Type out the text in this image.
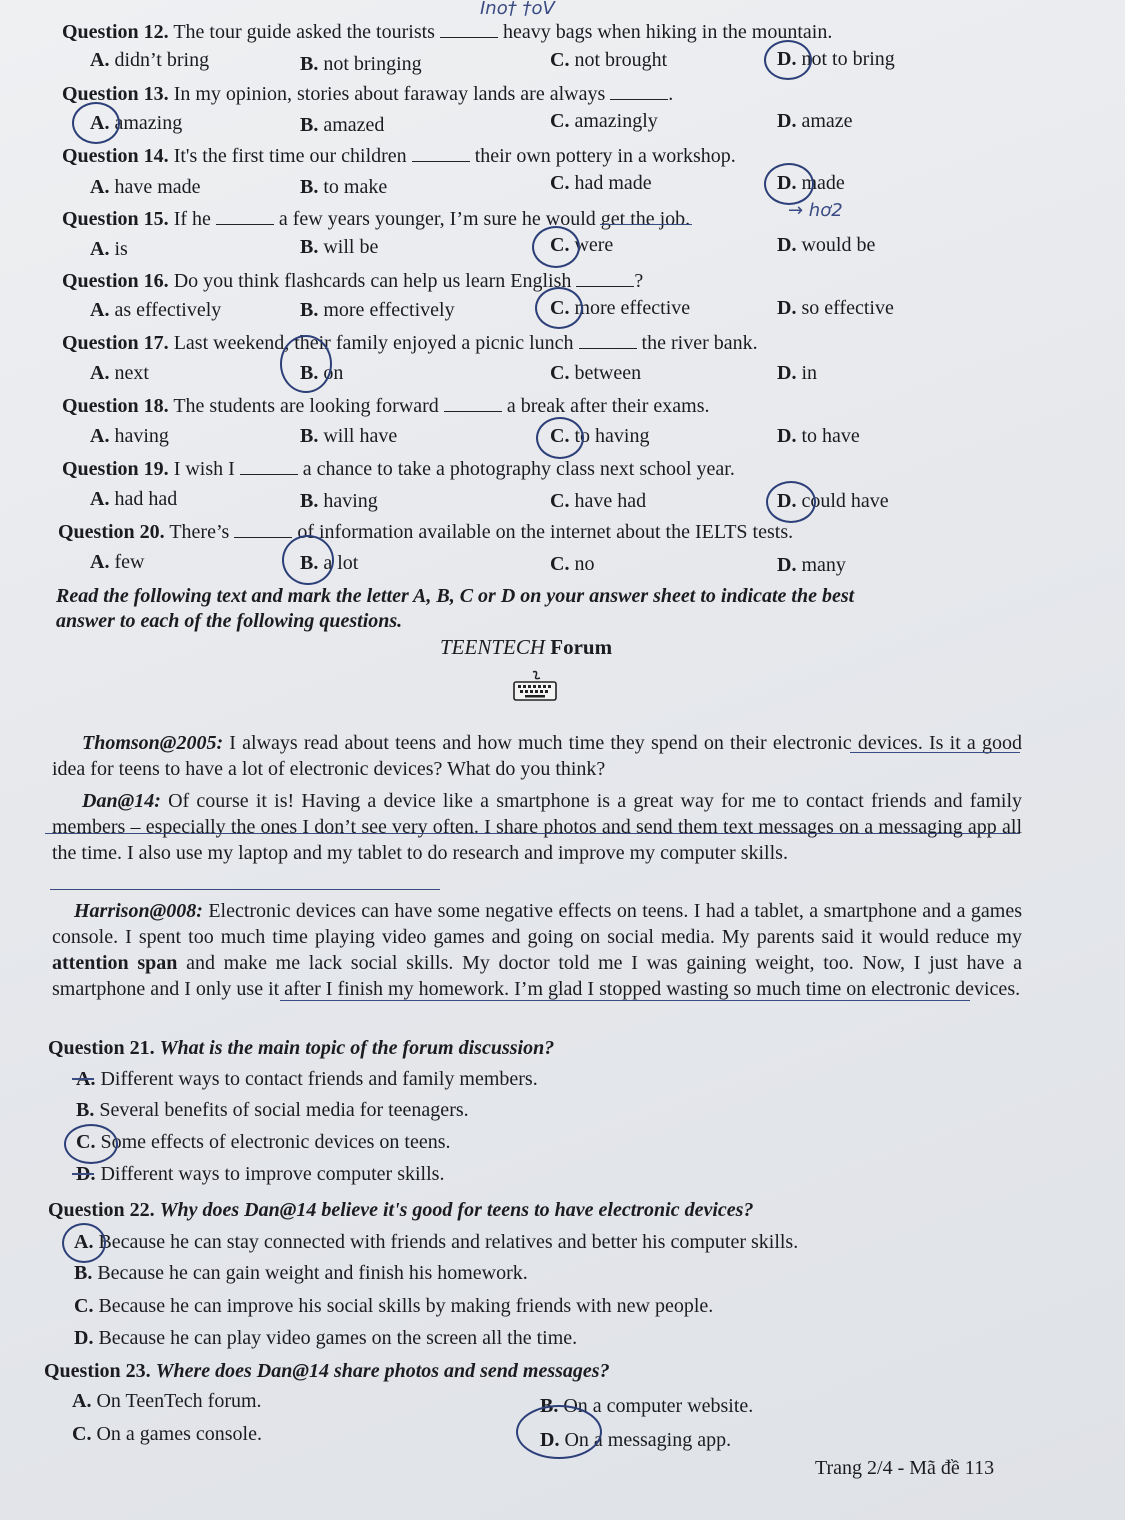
Ino† †oV
→ hơ2
Question 12. The tour guide asked the tourists	heavy bags when hiking in the mountain.
A. didn’t bring	B. not bringing	C. not brought	D. not to bring
Question 13. In my opinion, stories about faraway lands are always	.
A. amazing	B. amazed	C. amazingly	D. amaze
Question 14. It's the first time our children	their own pottery in a workshop.
A. have made	B. to make	C. had made	D. made
Question 15. If he	a few years younger, I’m sure he would get the job.
A. is	B. will be	C. were	D. would be
Question 16. Do you think flashcards can help us learn English	?
A. as effectively	B. more effectively	C. more effective	D. so effective
Question 17. Last weekend, their family enjoyed a picnic lunch	the river bank.
A. next	B. on	C. between	D. in
Question 18. The students are looking forward	a break after their exams.
A. having	B. will have	C. to having	D. to have
Question 19. I wish I	a chance to take a photography class next school year.
A. had had	B. having	C. have had	D. could have
Question 20. There’s	of information available on the internet about the IELTS tests.
A. few	B. a lot	C. no	D. many
Read the following text and mark the letter A, B, C or D on your answer sheet to indicate the best
answer to each of the following questions.
TEENTECH Forum
Thomson@2005: I always read about teens and how much time they spend on their electronic devices. Is it a good idea for teens to have a lot of electronic devices? What do you think?
Dan@14: Of course it is! Having a device like a smartphone is a great way for me to contact friends and family members – especially the ones I don’t see very often. I share photos and send them text messages on a messaging app all the time. I also use my laptop and my tablet to do research and improve my computer skills.
Harrison@008: Electronic devices can have some negative effects on teens. I had a tablet, a smartphone and a games console. I spent too much time playing video games and going on social media. My parents said it would reduce my attention span and make me lack social skills. My doctor told me I was gaining weight, too. Now, I just have a smartphone and I only use it after I finish my homework. I’m glad I stopped wasting so much time on electronic devices.
Question 21. What is the main topic of the forum discussion?
A. Different ways to contact friends and family members.
B. Several benefits of social media for teenagers.
C. Some effects of electronic devices on teens.
D. Different ways to improve computer skills.
Question 22. Why does Dan@14 believe it's good for teens to have electronic devices?
A. Because he can stay connected with friends and relatives and better his computer skills.
B. Because he can gain weight and finish his homework.
C. Because he can improve his social skills by making friends with new people.
D. Because he can play video games on the screen all the time.
Question 23. Where does Dan@14 share photos and send messages?
A. On TeenTech forum.	B. On a computer website.
C. On a games console.	D. On a messaging app.
Trang 2/4 - Mã đề 113
